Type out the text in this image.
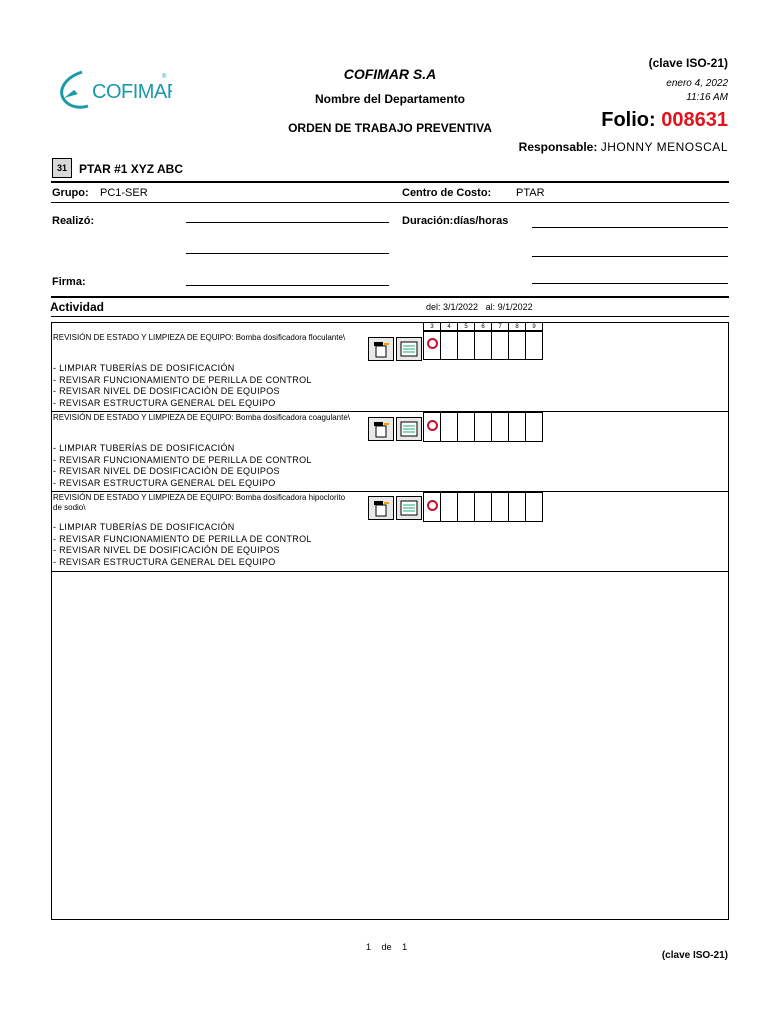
COFIMAR
®	COFIMAR S.A
Nombre del Departamento
ORDEN DE TRABAJO PREVENTIVA
(clave ISO-21)
enero 4, 2022
11:16 AM
Folio: 008631
Responsable: JHONNY MENOSCAL
31	PTAR #1 XYZ ABC
Grupo: PC1-SER	Centro de Costo: PTAR
Realizó:	Duración:días/horas
Firma:
Actividad	del: 3/1/2022 al: 9/1/2022
3	4	5	6	7	8	9
REVISIÓN DE ESTADO Y LIMPIEZA DE EQUIPO: Bomba dosificadora floculante\
- LIMPIAR TUBERÍAS DE DOSIFICACIÓN
- REVISAR FUNCIONAMIENTO DE PERILLA DE CONTROL
- REVISAR NIVEL DE DOSIFICACIÓN DE EQUIPOS
- REVISAR ESTRUCTURA GENERAL DEL EQUIPO
REVISIÓN DE ESTADO Y LIMPIEZA DE EQUIPO: Bomba dosificadora coagulante\
- LIMPIAR TUBERÍAS DE DOSIFICACIÓN
- REVISAR FUNCIONAMIENTO DE PERILLA DE CONTROL
- REVISAR NIVEL DE DOSIFICACIÓN DE EQUIPOS
- REVISAR ESTRUCTURA GENERAL DEL EQUIPO
REVISIÓN DE ESTADO Y LIMPIEZA DE EQUIPO: Bomba dosificadora hipoclorito de sodio\
- LIMPIAR TUBERÍAS DE DOSIFICACIÓN
- REVISAR FUNCIONAMIENTO DE PERILLA DE CONTROL
- REVISAR NIVEL DE DOSIFICACIÓN DE EQUIPOS
- REVISAR ESTRUCTURA GENERAL DEL EQUIPO
1 de 1
(clave ISO-21)
